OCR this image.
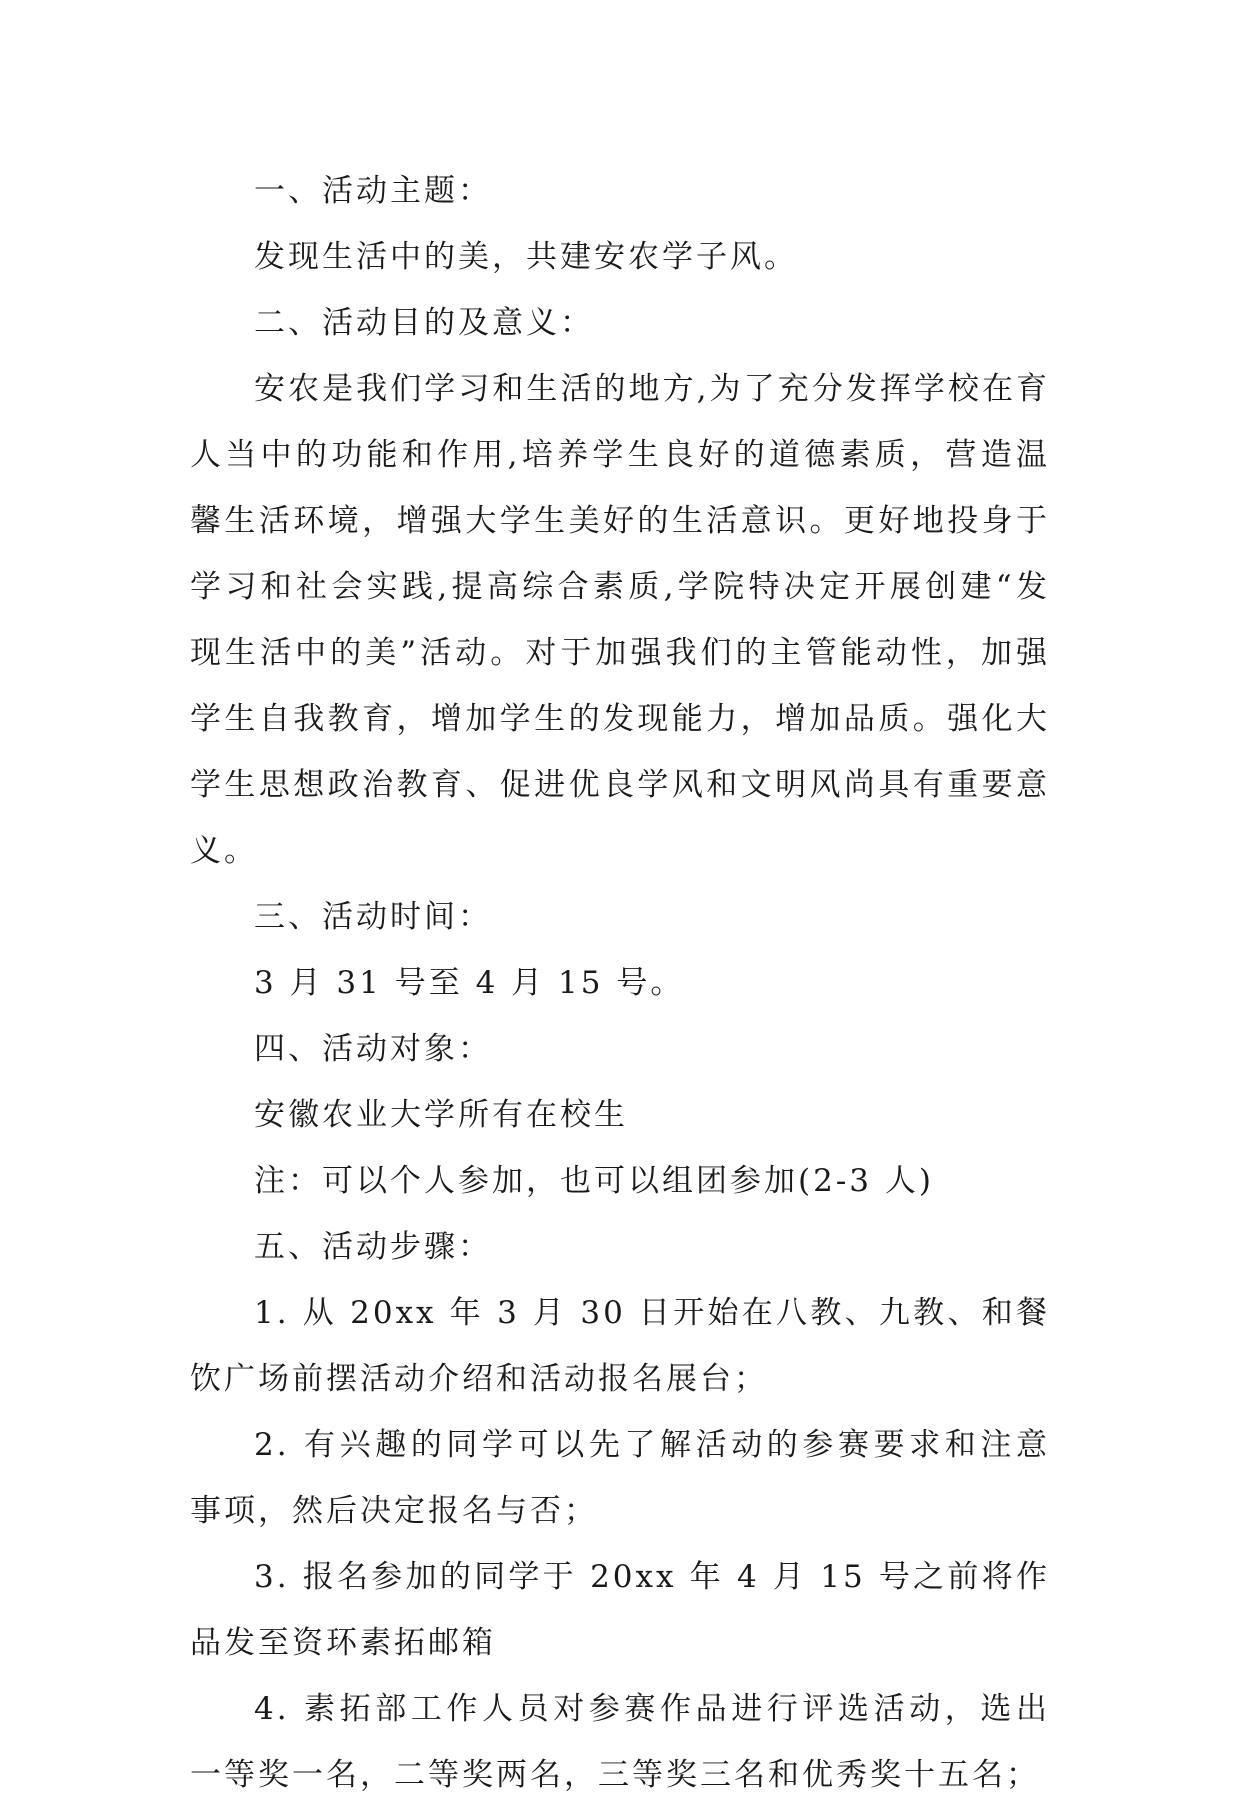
一、活动主题：

发现生活中的美，共建安农学子风。

二、活动目的及意义：

安农是我们学习和生活的地方,为了充分发挥学校在育人当中的功能和作用,培养学生良好的道德素质，营造温馨生活环境，增强大学生美好的生活意识。更好地投身于学习和社会实践,提高综合素质,学院特决定开展创建“发现生活中的美”活动。对于加强我们的主管能动性，加强学生自我教育，增加学生的发现能力，增加品质。强化大学生思想政治教育、促进优良学风和文明风尚具有重要意义。

三、活动时间：

3 月 31 号至 4 月 15 号。

四、活动对象：

安徽农业大学所有在校生

注：可以个人参加，也可以组团参加(2-3 人)

五、活动步骤：

1. 从 20xx 年 3 月 30 日开始在八教、九教、和餐饮广场前摆活动介绍和活动报名展台；

2. 有兴趣的同学可以先了解活动的参赛要求和注意事项，然后决定报名与否；

3. 报名参加的同学于 20xx 年 4 月 15 号之前将作品发至资环素拓邮箱

4. 素拓部工作人员对参赛作品进行评选活动，选出一等奖一名，二等奖两名，三等奖三名和优秀奖十五名；
